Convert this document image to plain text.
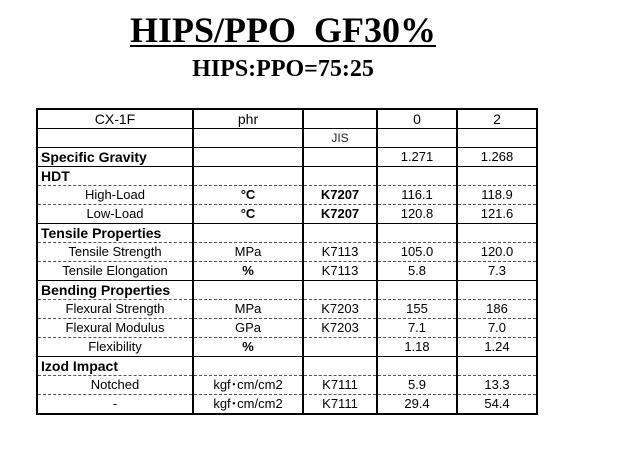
HIPS/PPO  GF30%
HIPS:PPO=75:25
CX-1F	phr		0	2
		JIS		
Specific Gravity			1.271	1.268
HDT				
High-Load	°C	K7207	116.1	118.9
Low-Load	°C	K7207	120.8	121.6
Tensile Properties				
Tensile Strength	MPa	K7113	105.0	120.0
Tensile Elongation	%	K7113	5.8	7.3
Bending Properties				
Flexural Strength	MPa	K7203	155	186
Flexural Modulus	GPa	K7203	7.1	7.0
Flexibility	%		1.18	1.24
Izod Impact				
Notched	kgf･cm/cm2	K7111	5.9	13.3
-	kgf･cm/cm2	K7111	29.4	54.4
